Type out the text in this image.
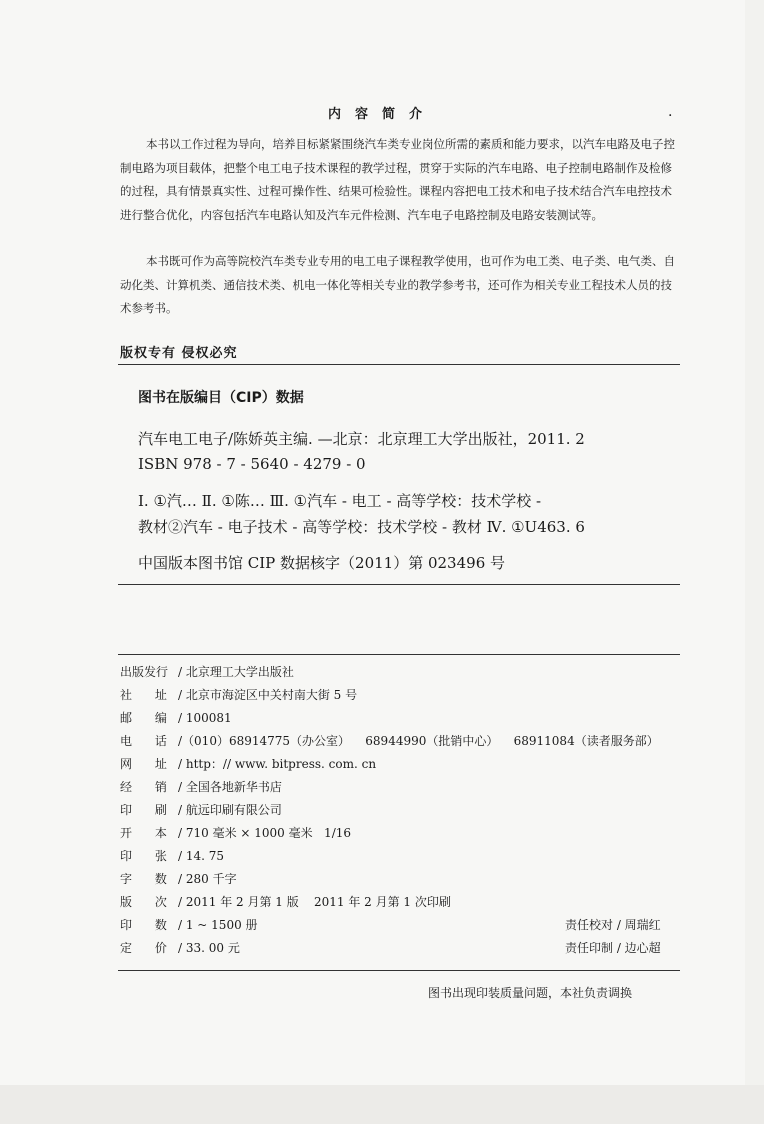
内容简介	.
本书以工作过程为导向，培养目标紧紧围绕汽车类专业岗位所需的素质和能力要求，以汽车电路及电子控制电路为项目载体，把整个电工电子技术课程的教学过程，贯穿于实际的汽车电路、电子控制电路制作及检修的过程，具有情景真实性、过程可操作性、结果可检验性。课程内容把电工技术和电子技术结合汽车电控技术进行整合优化，内容包括汽车电路认知及汽车元件检测、汽车电子电路控制及电路安装测试等。
本书既可作为高等院校汽车类专业专用的电工电子课程教学使用，也可作为电工类、电子类、电气类、自动化类、计算机类、通信技术类、机电一体化等相关专业的教学参考书，还可作为相关专业工程技术人员的技术参考书。
版权专有 侵权必究
图书在版编目（CIP）数据
汽车电工电子/陈娇英主编. —北京：北京理工大学出版社，2011. 2
ISBN 978 - 7 - 5640 - 4279 - 0
Ⅰ. ①汽… Ⅱ. ①陈… Ⅲ. ①汽车 - 电工 - 高等学校：技术学校 -
教材②汽车 - 电子技术 - 高等学校：技术学校 - 教材 Ⅳ. ①U463. 6
中国版本图书馆 CIP 数据核字（2011）第 023496 号
出版发行 / 北京理工大学出版社
社      址 / 北京市海淀区中关村南大街 5 号
邮      编 / 100081
电      话 /（010）68914775（办公室）    68944990（批销中心）    68911084（读者服务部）
网      址 / http：// www. bitpress. com. cn
经      销 / 全国各地新华书店
印      刷 / 航远印刷有限公司
开      本 / 710 毫米 × 1000 毫米   1/16
印      张 / 14. 75
字      数 / 280 千字
版      次 / 2011 年 2 月第 1 版    2011 年 2 月第 1 次印刷
印      数 / 1 ~ 1500 册
定      价 / 33. 00 元
责任校对 / 周瑞红
责任印制 / 边心超
图书出现印装质量问题，本社负责调换
